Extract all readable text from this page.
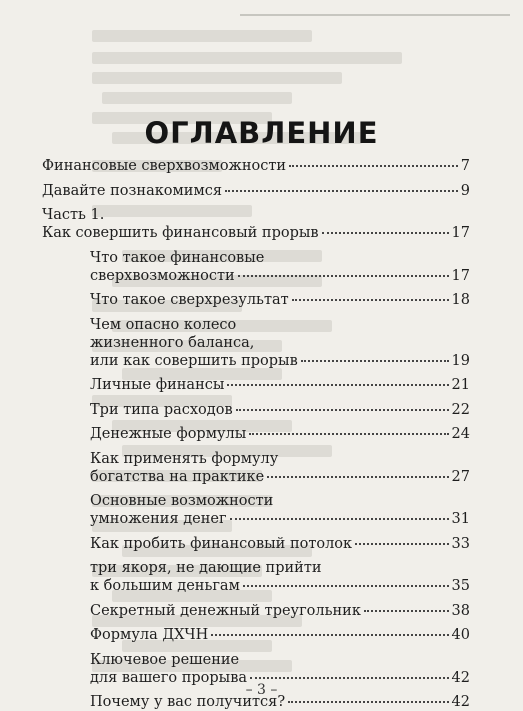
ОГЛАВЛЕНИЕ
Финансовые сверхвозможности	7
Давайте познакомимся	9
Часть 1.
Как совершить финансовый прорыв	17
Что такое финансовые
сверхвозможности	17
Что такое сверхрезультат	18
Чем опасно колесо
жизненного баланса,
или как совершить прорыв	19
Личные финансы	21
Три типа расходов	22
Денежные формулы	24
Как применять формулу
богатства на практике	27
Основные возможности
умножения денег	31
Как пробить финансовый потолок	33
три якоря, не дающие прийти
к большим деньгам	35
Секретный денежный треугольник	38
Формула ДХЧН	40
Ключевое решение
для вашего прорыва	42
Почему у вас получится?	42
– 3 –
